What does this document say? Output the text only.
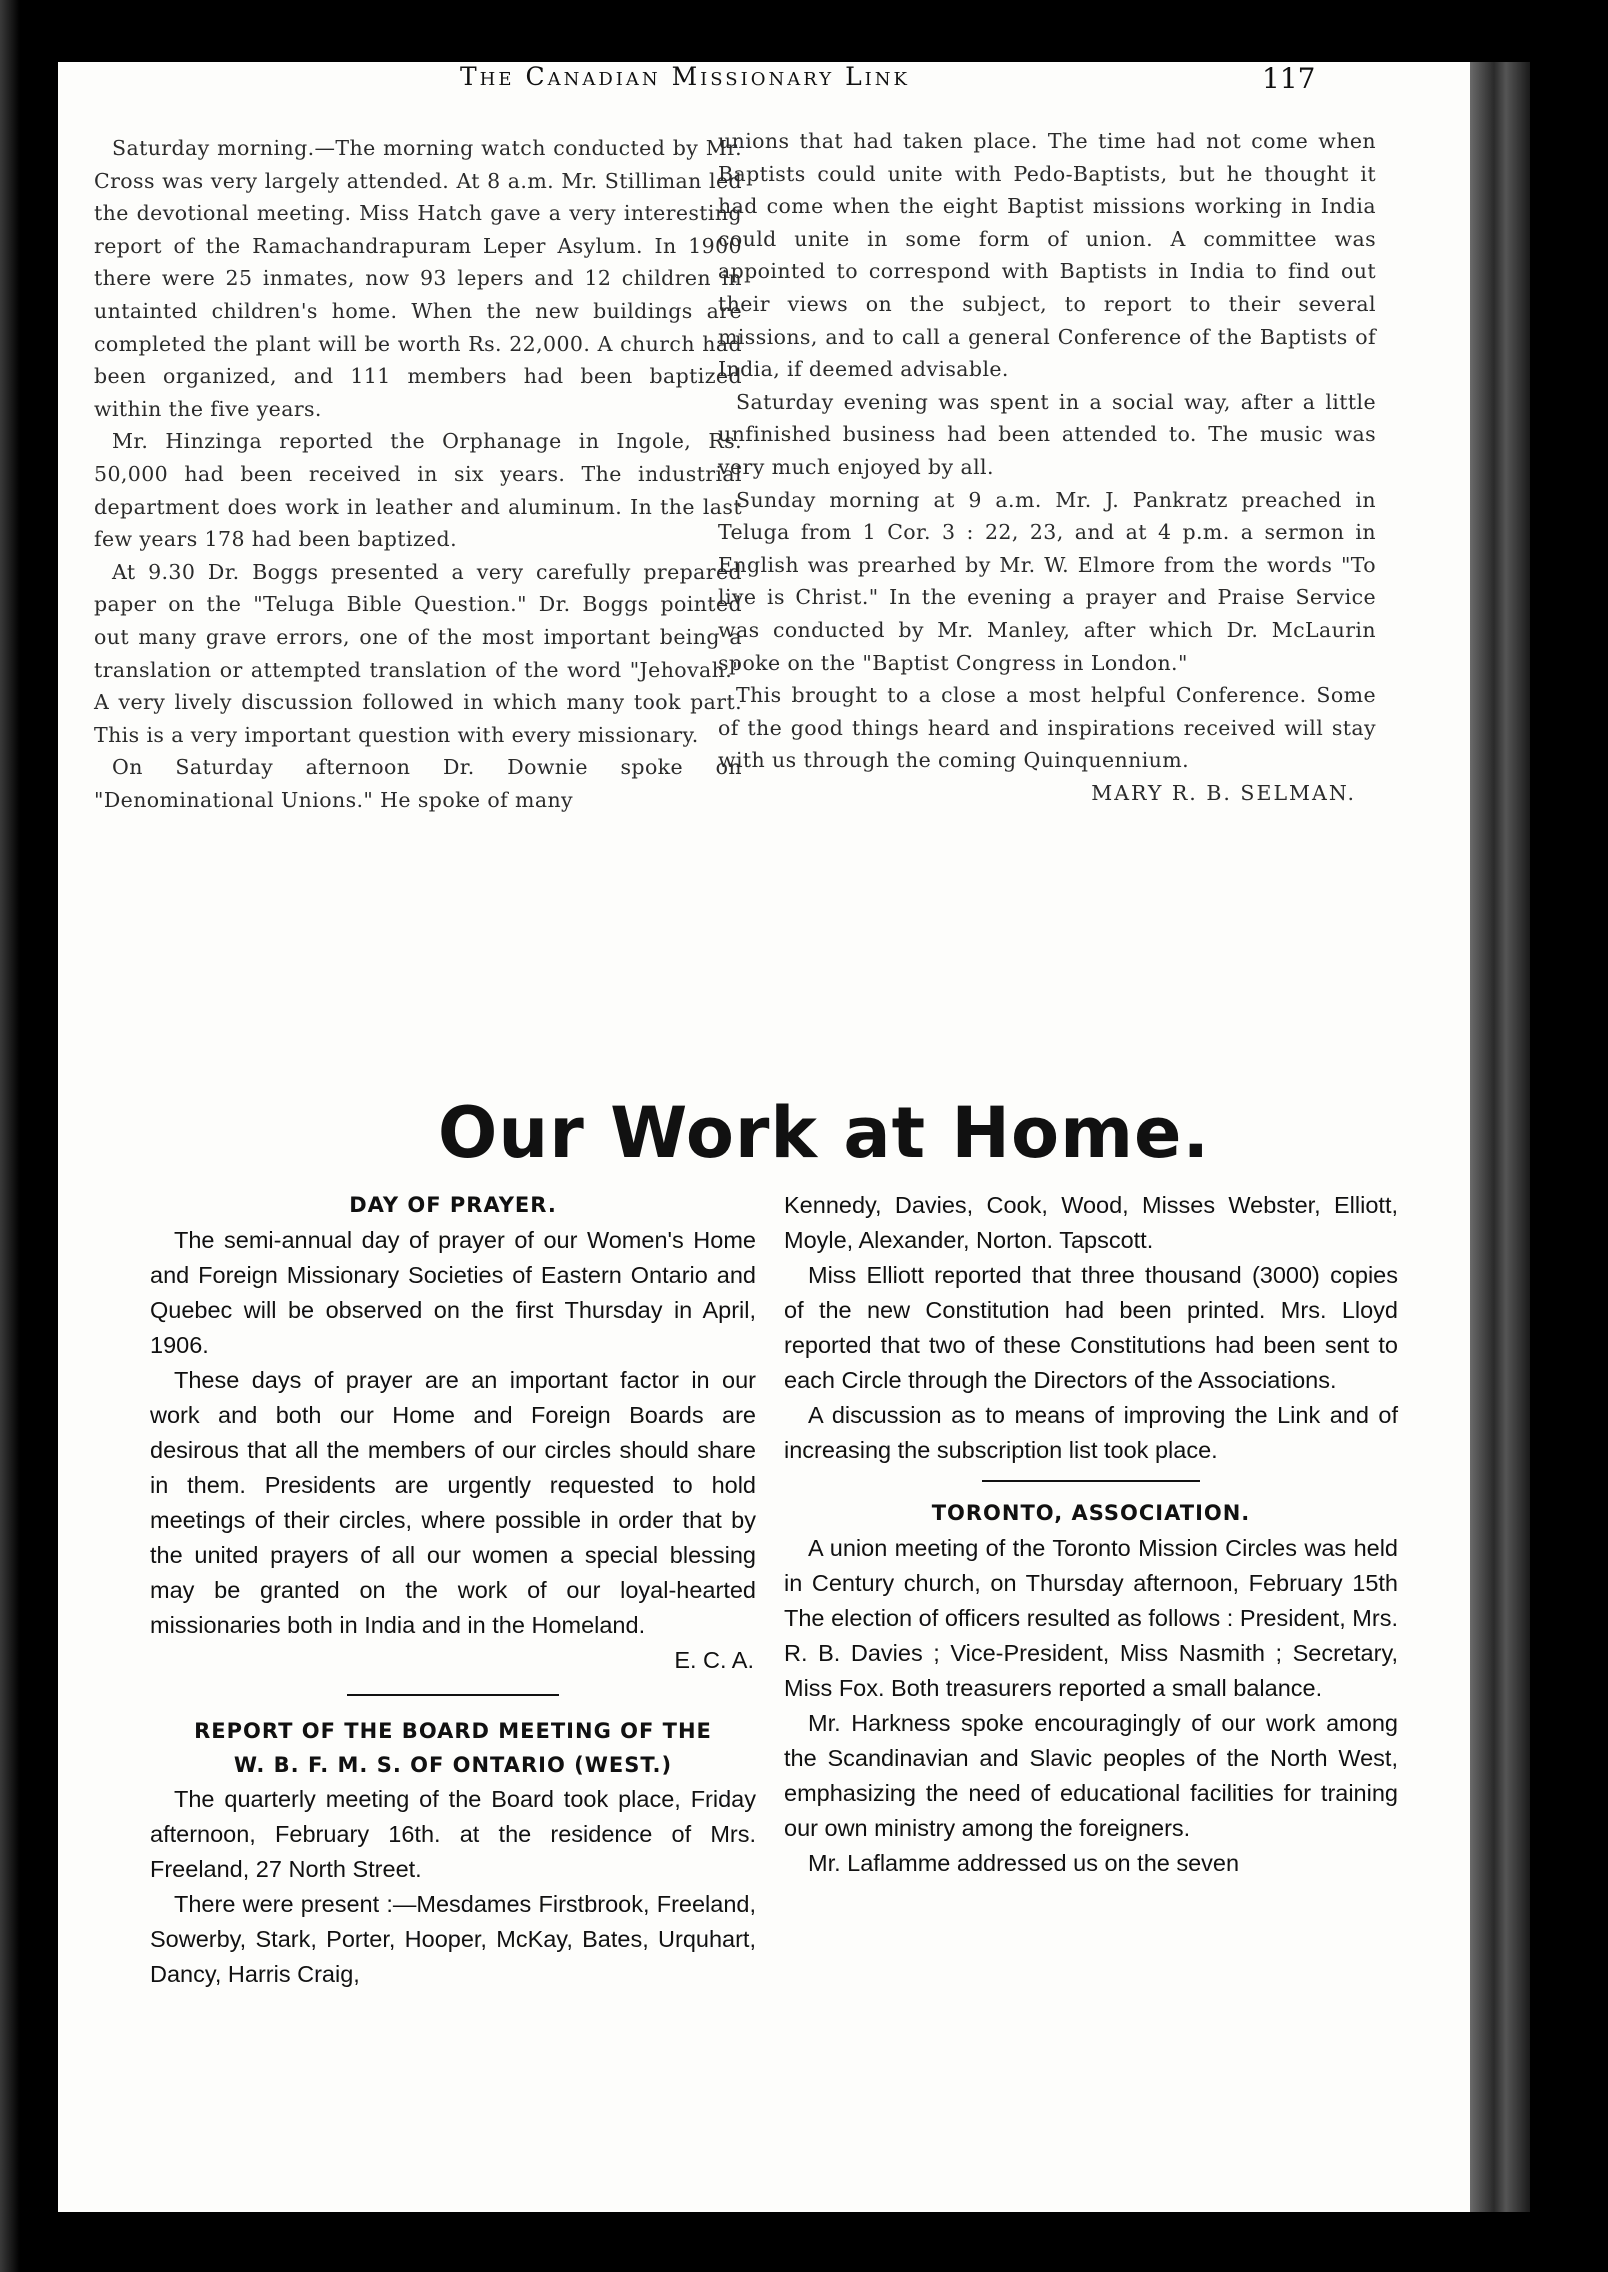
The Canadian Missionary Link	117

Saturday morning.—The morning watch conducted by Mr. Cross was very largely attended. At 8 a.m. Mr. Stilliman led the devotional meeting. Miss Hatch gave a very interesting report of the Ramachandrapuram Leper Asylum. In 1900 there were 25 inmates, now 93 lepers and 12 children in untainted children's home. When the new buildings are completed the plant will be worth Rs. 22,000. A church had been organized, and 111 members had been baptized within the five years.

Mr. Hinzinga reported the Orphanage in Ingole, Rs. 50,000 had been received in six years. The industrial department does work in leather and aluminum. In the last few years 178 had been baptized.

At 9.30 Dr. Boggs presented a very carefully prepared paper on the "Teluga Bible Question." Dr. Boggs pointed out many grave errors, one of the most important being a translation or attempted translation of the word "Jehovah." A very lively discussion followed in which many took part. This is a very important question with every missionary.

On Saturday afternoon Dr. Downie spoke on "Denominational Unions." He spoke of many

unions that had taken place. The time had not come when Baptists could unite with Pedo-Baptists, but he thought it had come when the eight Baptist missions working in India could unite in some form of union. A committee was appointed to correspond with Baptists in India to find out their views on the subject, to report to their several missions, and to call a general Conference of the Baptists of India, if deemed advisable.

Saturday evening was spent in a social way, after a little unfinished business had been attended to. The music was very much enjoyed by all.

Sunday morning at 9 a.m. Mr. J. Pankratz preached in Teluga from 1 Cor. 3 : 22, 23, and at 4 p.m. a sermon in English was prearhed by Mr. W. Elmore from the words "To live is Christ." In the evening a prayer and Praise Service was conducted by Mr. Manley, after which Dr. McLaurin spoke on the "Baptist Congress in London."

This brought to a close a most helpful Conference. Some of the good things heard and inspirations received will stay with us through the coming Quinquennium.

MARY R. B. SELMAN.

Our Work at Home.
DAY OF PRAYER.

The semi-annual day of prayer of our Women's Home and Foreign Missionary Societies of Eastern Ontario and Quebec will be observed on the first Thursday in April, 1906.

These days of prayer are an important factor in our work and both our Home and Foreign Boards are desirous that all the members of our circles should share in them. Presidents are urgently requested to hold meetings of their circles, where possible in order that by the united prayers of all our women a special blessing may be granted on the work of our loyal-hearted missionaries both in India and in the Homeland.

E. C. A.

REPORT OF THE BOARD MEETING OF THE
W. B. F. M. S. OF ONTARIO (WEST.)

The quarterly meeting of the Board took place, Friday afternoon, February 16th. at the residence of Mrs. Freeland, 27 North Street.

There were present :—Mesdames Firstbrook, Freeland, Sowerby, Stark, Porter, Hooper, McKay, Bates, Urquhart, Dancy, Harris Craig,

Kennedy, Davies, Cook, Wood, Misses Webster, Elliott, Moyle, Alexander, Norton. Tapscott.

Miss Elliott reported that three thousand (3000) copies of the new Constitution had been printed. Mrs. Lloyd reported that two of these Constitutions had been sent to each Circle through the Directors of the Associations.

A discussion as to means of improving the Link and of increasing the subscription list took place.

TORONTO, ASSOCIATION.

A union meeting of the Toronto Mission Circles was held in Century church, on Thursday afternoon, February 15th The election of officers resulted as follows : President, Mrs. R. B. Davies ; Vice-President, Miss Nasmith ; Secretary, Miss Fox. Both treasurers reported a small balance.

Mr. Harkness spoke encouragingly of our work among the Scandinavian and Slavic peoples of the North West, emphasizing the need of educational facilities for training our own ministry among the foreigners.

Mr. Laflamme addressed us on the seven
